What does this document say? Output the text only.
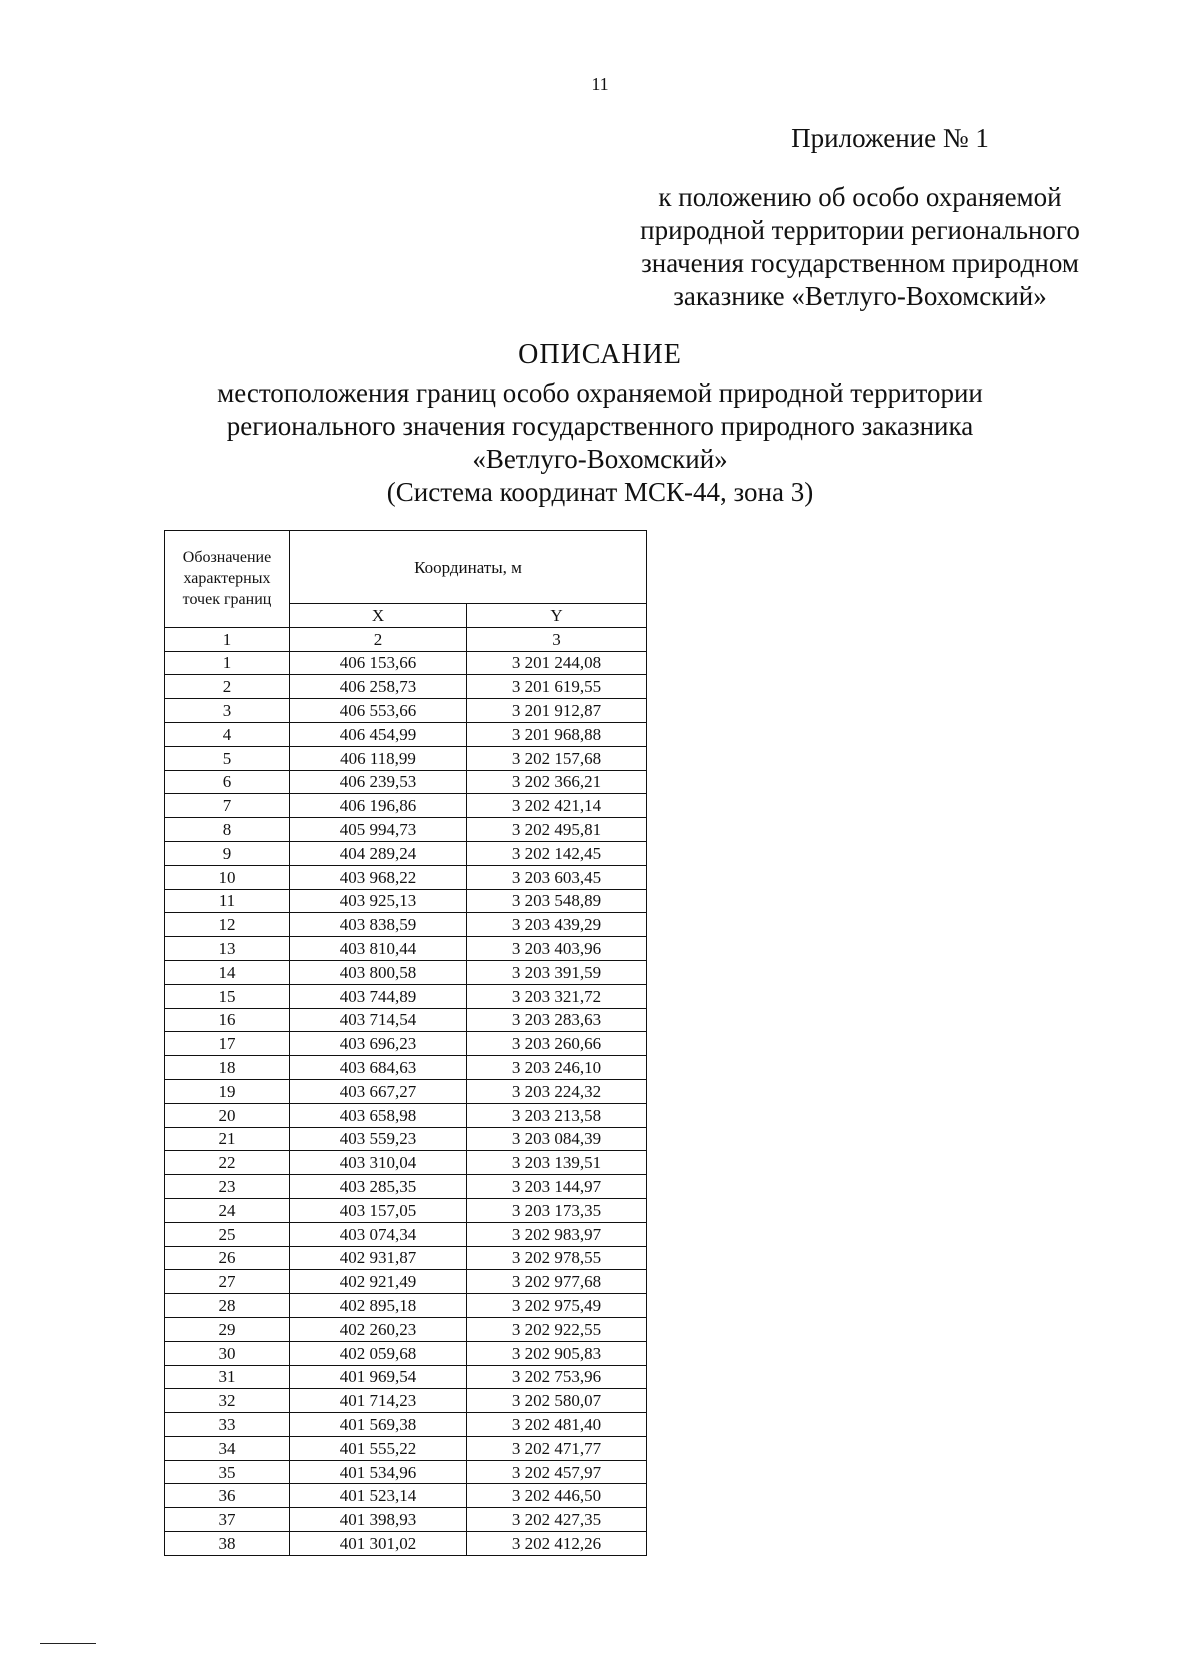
11
Приложение № 1
к положению об особо охраняемой
природной территории регионального
значения государственном природном
заказнике «Ветлуго-Вохомский»
ОПИСАНИЕ
местоположения границ особо охраняемой природной территории
регионального значения государственного природного заказника
«Ветлуго-Вохомский»
(Система координат МСК-44, зона 3)
Обозначение характерных точек границ	Координаты, м	
	X	Y
1	2	3
1	406 153,66	3 201 244,08
2	406 258,73	3 201 619,55
3	406 553,66	3 201 912,87
4	406 454,99	3 201 968,88
5	406 118,99	3 202 157,68
6	406 239,53	3 202 366,21
7	406 196,86	3 202 421,14
8	405 994,73	3 202 495,81
9	404 289,24	3 202 142,45
10	403 968,22	3 203 603,45
11	403 925,13	3 203 548,89
12	403 838,59	3 203 439,29
13	403 810,44	3 203 403,96
14	403 800,58	3 203 391,59
15	403 744,89	3 203 321,72
16	403 714,54	3 203 283,63
17	403 696,23	3 203 260,66
18	403 684,63	3 203 246,10
19	403 667,27	3 203 224,32
20	403 658,98	3 203 213,58
21	403 559,23	3 203 084,39
22	403 310,04	3 203 139,51
23	403 285,35	3 203 144,97
24	403 157,05	3 203 173,35
25	403 074,34	3 202 983,97
26	402 931,87	3 202 978,55
27	402 921,49	3 202 977,68
28	402 895,18	3 202 975,49
29	402 260,23	3 202 922,55
30	402 059,68	3 202 905,83
31	401 969,54	3 202 753,96
32	401 714,23	3 202 580,07
33	401 569,38	3 202 481,40
34	401 555,22	3 202 471,77
35	401 534,96	3 202 457,97
36	401 523,14	3 202 446,50
37	401 398,93	3 202 427,35
38	401 301,02	3 202 412,26
